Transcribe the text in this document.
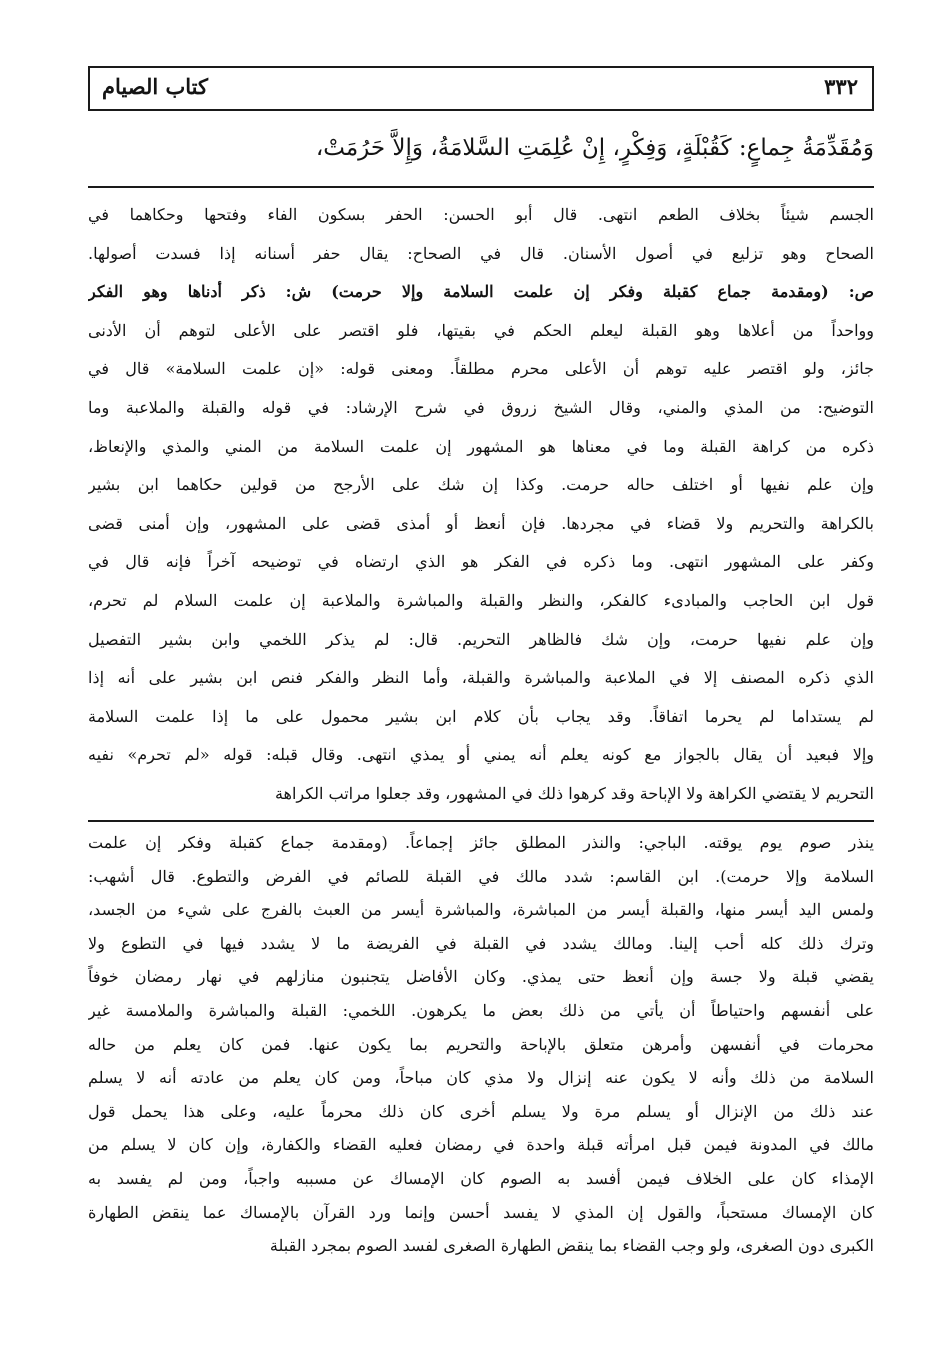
كتاب الصيام	٣٣٢
وَمُقَدِّمَةُ جِماعٍ: كَقُبْلَةٍ، وَفِكْرٍ، إِنْ عُلِمَتِ السَّلامَةُ، وَإِلاَّ حَرُمَتْ،
الجسم شيئاً بخلاف الطعم انتهى. قال أبو الحسن: الحفر بسكون الفاء وفتحها وحكاهما في
الصحاح وهو تزليع في أصول الأسنان. قال في الصحاح: يقال حفر أسنانه إذا فسدت أصولها.
ص: (ومقدمة جماع كقبلة وفكر إن علمت السلامة وإلا حرمت) ش: ذكر أدناها وهو الفكر
وواحداً من أعلاها وهو القبلة ليعلم الحكم في بقيتها، فلو اقتصر على الأعلى لتوهم أن الأدنى
جائز، ولو اقتصر عليه توهم أن الأعلى محرم مطلقاً. ومعنى قوله: «إن علمت السلامة» قال في
التوضيح: من المذي والمني، وقال الشيخ زروق في شرح الإرشاد: في قوله والقبلة والملاعبة وما
ذكره من كراهة القبلة وما في معناها هو المشهور إن علمت السلامة من المني والمذي والإنعاظ،
وإن علم نفيها أو اختلف حاله حرمت. وكذا إن شك على الأرجح من قولين حكاهما ابن بشير
بالكراهة والتحريم ولا قضاء في مجردها. فإن أنعظ أو أمذى قضى على المشهور، وإن أمنى قضى
وكفر على المشهور انتهى. وما ذكره في الفكر هو الذي ارتضاه في توضيحه آخراً فإنه قال في
قول ابن الحاجب والمبادىء كالفكر، والنظر والقبلة والمباشرة والملاعبة إن علمت السلام لم تحرم،
وإن علم نفيها حرمت، وإن شك فالظاهر التحريم. قال: لم يذكر اللخمي وابن بشير التفصيل
الذي ذكره المصنف إلا في الملاعبة والمباشرة والقبلة، وأما النظر والفكر فنص ابن بشير على أنه إذا
لم يستداما لم يحرما اتفاقاً. وقد يجاب بأن كلام ابن بشير محمول على ما إذا علمت السلامة
وإلا فبعيد أن يقال بالجواز مع كونه يعلم أنه يمني أو يمذي انتهى. وقال قبله: قوله «لم تحرم» نفيه
التحريم لا يقتضي الكراهة ولا الإباحة وقد كرهوا ذلك في المشهور، وقد جعلوا مراتب الكراهة
ينذر صوم يوم يوقته. الباجي: والنذر المطلق جائز إجماعاً. (ومقدمة جماع كقبلة وفكر إن علمت
السلامة وإلا حرمت). ابن القاسم: شدد مالك في القبلة للصائم في الفرض والتطوع. قال أشهب:
ولمس اليد أيسر منها، والقبلة أيسر من المباشرة، والمباشرة أيسر من العبث بالفرج على شيء من الجسد،
وترك ذلك كله أحب إلينا. ومالك يشدد في القبلة في الفريضة ما لا يشدد فيها في التطوع ولا
يقضي قبلة ولا جسة وإن أنعظ حتى يمذي. وكان الأفاضل يتجنبون منازلهم في نهار رمضان خوفاً
على أنفسهم واحتياطاً أن يأتي من ذلك بعض ما يكرهون. اللخمي: القبلة والمباشرة والملامسة غير
محرمات في أنفسهن وأمرهن متعلق بالإباحة والتحريم بما يكون عنها. فمن كان يعلم من حاله
السلامة من ذلك وأنه لا يكون عنه إنزال ولا مذي كان مباحاً، ومن كان يعلم من عادته أنه لا يسلم
عند ذلك من الإنزال أو يسلم مرة ولا يسلم أخرى كان ذلك محرماً عليه، وعلى هذا يحمل قول
مالك في المدونة فيمن قبل امرأته قبلة واحدة في رمضان فعليه القضاء والكفارة، وإن كان لا يسلم من
الإمذاء كان على الخلاف فيمن أفسد به الصوم كان الإمساك عن مسببه واجباً، ومن لم يفسد به
كان الإمساك مستحباً، والقول إن المذي لا يفسد أحسن وإنما ورد القرآن بالإمساك عما ينقض الطهارة
الكبرى دون الصغرى، ولو وجب القضاء بما ينقض الطهارة الصغرى لفسد الصوم بمجرد القبلة
